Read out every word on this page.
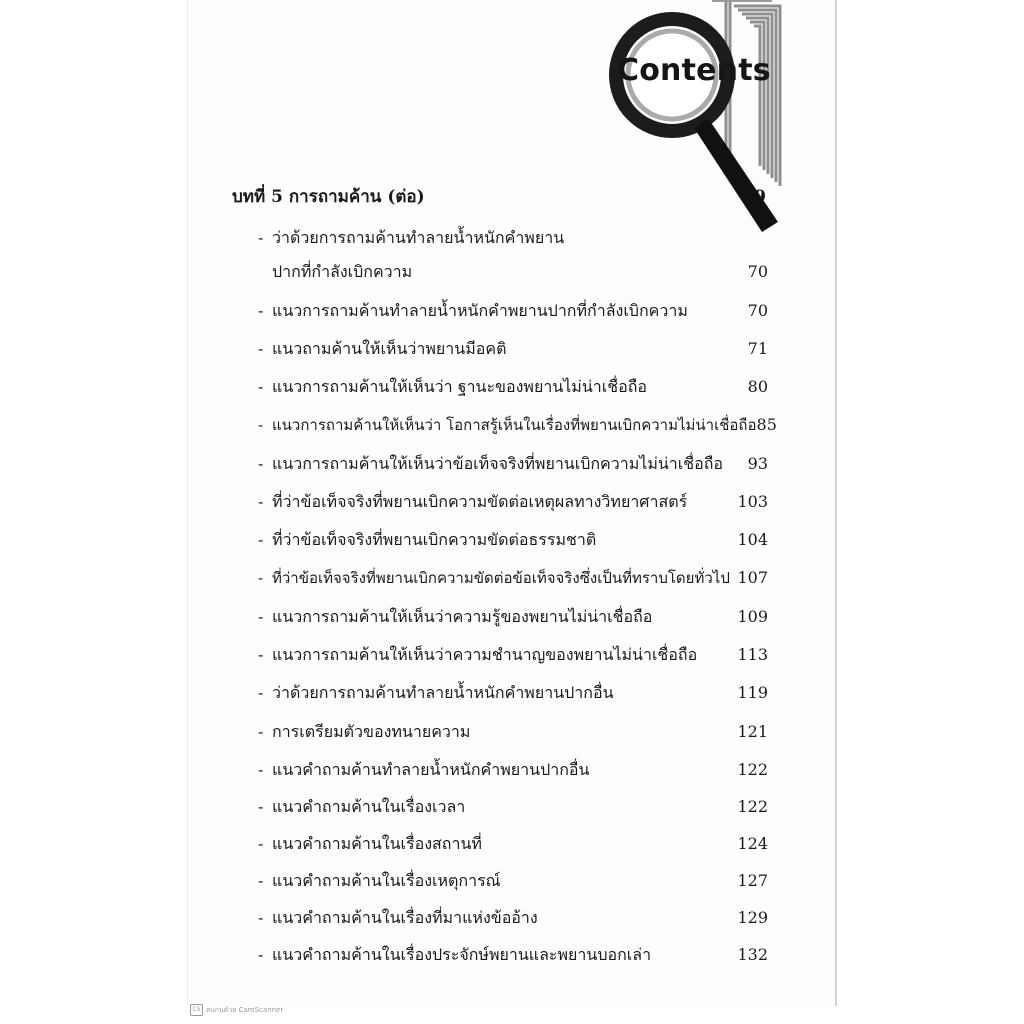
Contents
บทที่ 5 การถามค้าน (ต่อ)	69
- ว่าด้วยการถามค้านทำลายน้ำหนักคำพยาน
ปากที่กำลังเบิกความ	70
- แนวการถามค้านทำลายน้ำหนักคำพยานปากที่กำลังเบิกความ	70
- แนวถามค้านให้เห็นว่าพยานมีอคติ	71
- แนวการถามค้านให้เห็นว่า ฐานะของพยานไม่น่าเชื่อถือ	80
- แนวการถามค้านให้เห็นว่า โอกาสรู้เห็นในเรื่องที่พยานเบิกความไม่น่าเชื่อถือ 85
- แนวการถามค้านให้เห็นว่าข้อเท็จจริงที่พยานเบิกความไม่น่าเชื่อถือ 93
- ที่ว่าข้อเท็จจริงที่พยานเบิกความขัดต่อเหตุผลทางวิทยาศาสตร์	103
- ที่ว่าข้อเท็จจริงที่พยานเบิกความขัดต่อธรรมชาติ	104
- ที่ว่าข้อเท็จจริงที่พยานเบิกความขัดต่อข้อเท็จจริงซึ่งเป็นที่ทราบโดยทั่วไป 107
- แนวการถามค้านให้เห็นว่าความรู้ของพยานไม่น่าเชื่อถือ	109
- แนวการถามค้านให้เห็นว่าความชำนาญของพยานไม่น่าเชื่อถือ	113
- ว่าด้วยการถามค้านทำลายน้ำหนักคำพยานปากอื่น	119
- การเตรียมตัวของทนายความ	121
- แนวคำถามค้านทำลายน้ำหนักคำพยานปากอื่น	122
- แนวคำถามค้านในเรื่องเวลา	122
- แนวคำถามค้านในเรื่องสถานที่	124
- แนวคำถามค้านในเรื่องเหตุการณ์	127
- แนวคำถามค้านในเรื่องที่มาแห่งข้ออ้าง	129
- แนวคำถามค้านในเรื่องประจักษ์พยานและพยานบอกเล่า	132
CS สแกนด้วย CamScanner
